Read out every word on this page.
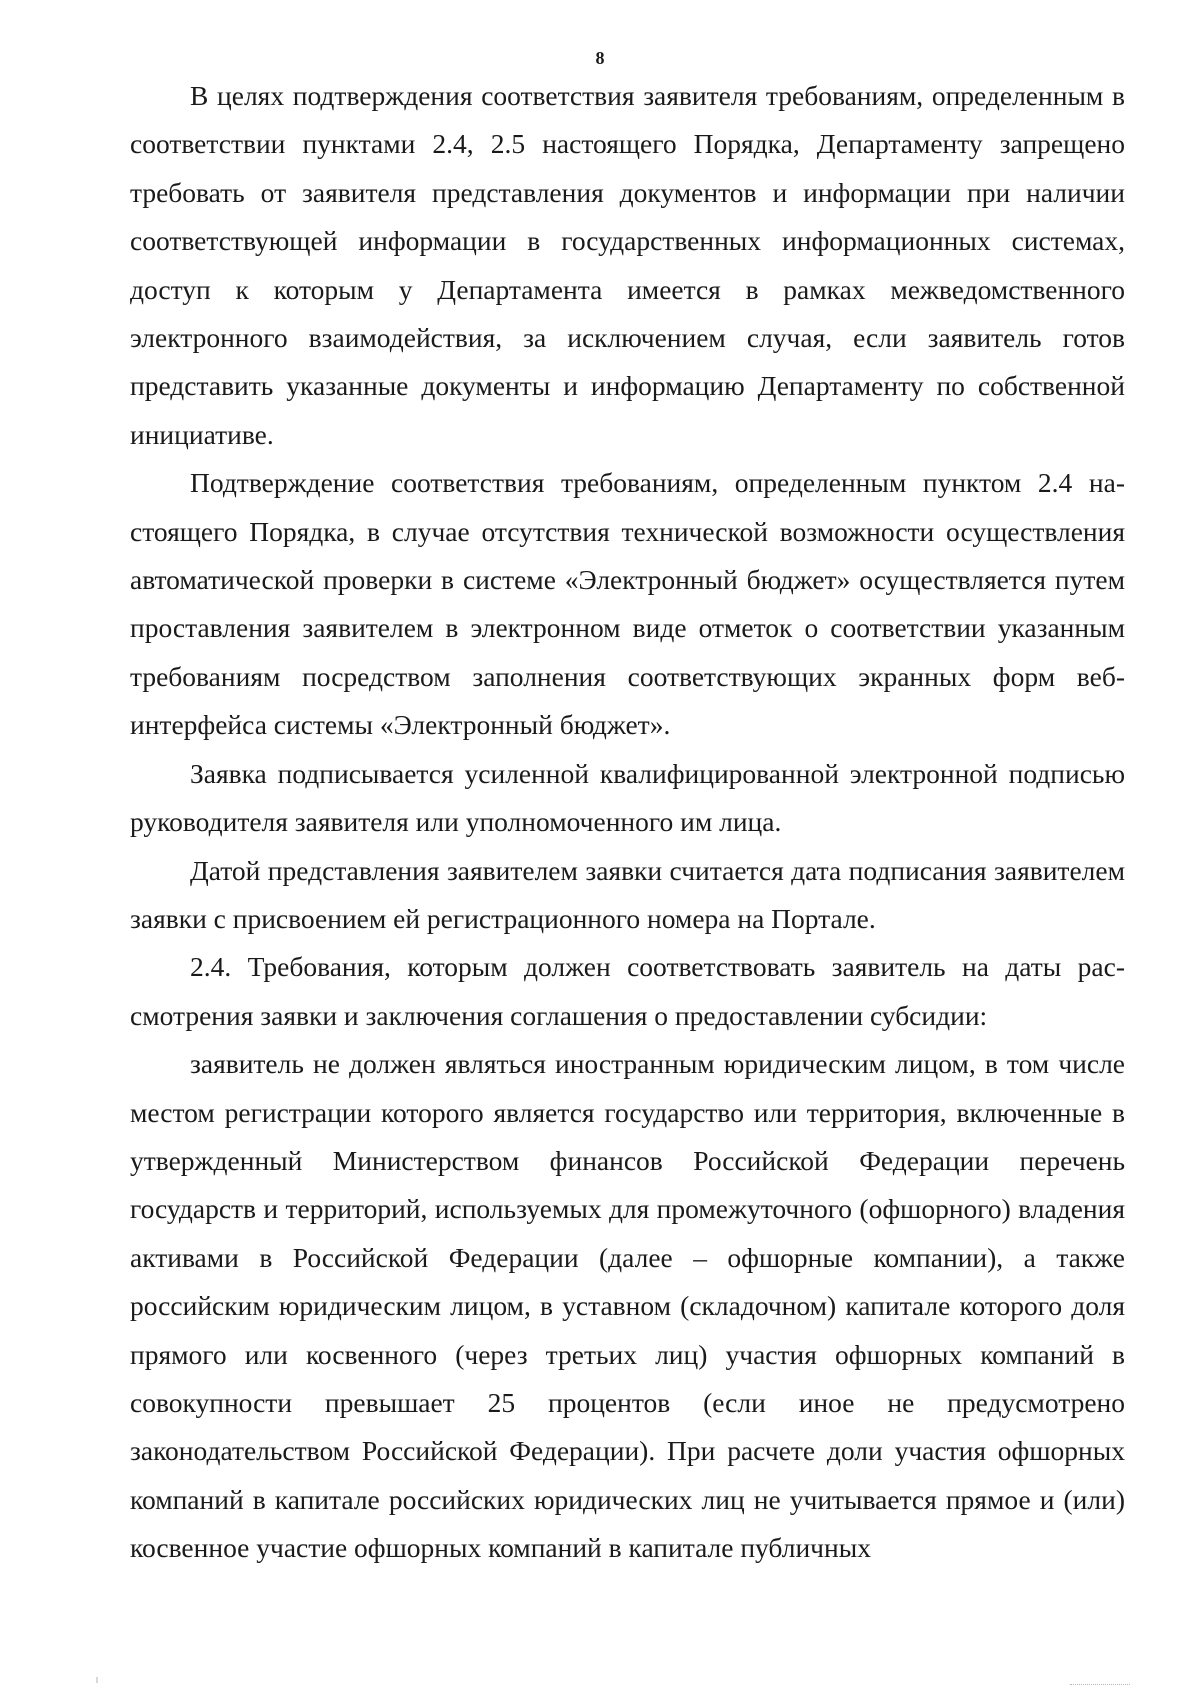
8

В целях подтверждения соответствия заявителя требованиям, определенным в соответствии пунктами 2.4, 2.5 настоящего Порядка, Департаменту запрещено требовать от заявителя представления документов и информации при наличии соответствующей информации в государственных информационных системах, доступ к которым у Департамента имеется в рамках межведомственного электронного взаимодействия, за исключением случая, если заявитель готов представить указанные документы и информацию Департаменту по собственной инициативе.

Подтверждение соответствия требованиям, определенным пунктом 2.4 настоящего Порядка, в случае отсутствия технической возможности осуществления автоматической проверки в системе «Электронный бюджет» осуществляется путем проставления заявителем в электронном виде отметок о соответствии указанным требованиям посредством заполнения соответствующих экранных форм веб-интерфейса системы «Электронный бюджет».

Заявка подписывается усиленной квалифицированной электронной подписью руководителя заявителя или уполномоченного им лица.

Датой представления заявителем заявки считается дата подписания заявителем заявки с присвоением ей регистрационного номера на Портале.

2.4. Требования, которым должен соответствовать заявитель на даты рассмотрения заявки и заключения соглашения о предоставлении субсидии:

заявитель не должен являться иностранным юридическим лицом, в том числе местом регистрации которого является государство или территория, включенные в утвержденный Министерством финансов Российской Федерации перечень государств и территорий, используемых для промежуточного (офшорного) владения активами в Российской Федерации (далее – офшорные компании), а также российским юридическим лицом, в уставном (складочном) капитале которого доля прямого или косвенного (через третьих лиц) участия офшорных компаний в совокупности превышает 25 процентов (если иное не предусмотрено законодательством Российской Федерации). При расчете доли участия офшорных компаний в капитале российских юридических лиц не учитывается прямое и (или) косвенное участие офшорных компаний в капитале публичных
